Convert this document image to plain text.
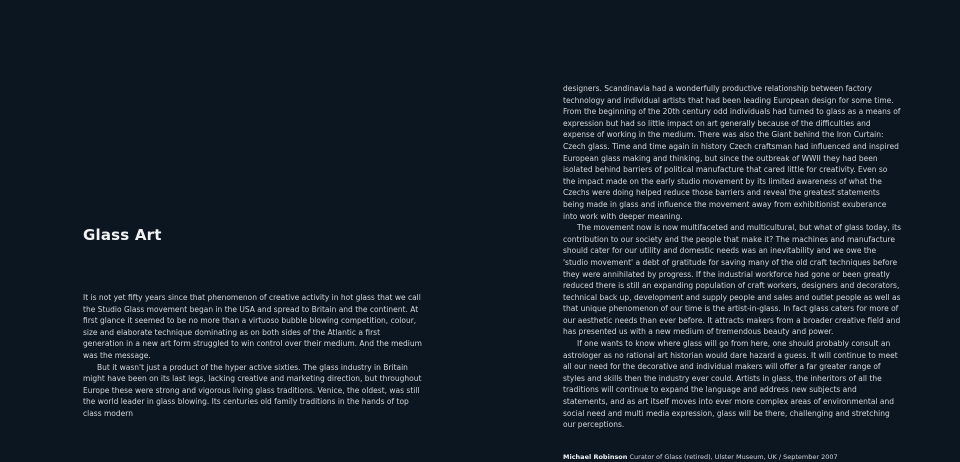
Glass Art

It is not yet fifty years since that phenomenon of creative activity in hot glass that we call the Studio Glass movement began in the USA and spread to Britain and the continent. At first glance it seemed to be no more than a virtuoso bubble blowing competition, colour, size and elaborate technique dominating as on both sides of the Atlantic a first generation in a new art form struggled to win control over their medium. And the medium was the message.

But it wasn't just a product of the hyper active sixties. The glass industry in Britain might have been on its last legs, lacking creative and marketing direction, but throughout Europe these were strong and vigorous living glass traditions. Venice, the oldest, was still the world leader in glass blowing. Its centuries old family traditions in the hands of top class modern

designers. Scandinavia had a wonderfully productive relationship between factory technology and individual artists that had been leading European design for some time. From the beginning of the 20th century odd individuals had turned to glass as a means of expression but had so little impact on art generally because of the difficulties and expense of working in the medium. There was also the Giant behind the Iron Curtain: Czech glass. Time and time again in history Czech craftsman had influenced and inspired European glass making and thinking, but since the outbreak of WWII they had been isolated behind barriers of political manufacture that cared little for creativity. Even so the impact made on the early studio movement by its limited awareness of what the Czechs were doing helped reduce those barriers and reveal the greatest statements being made in glass and influence the movement away from exhibitionist exuberance into work with deeper meaning.

The movement now is now multifaceted and multicultural, but what of glass today, its contribution to our society and the people that make it? The machines and manufacture should cater for our utility and domestic needs was an inevitability and we owe the 'studio movement' a debt of gratitude for saving many of the old craft techniques before they were annihilated by progress. If the industrial workforce had gone or been greatly reduced there is still an expanding population of craft workers, designers and decorators, technical back up, development and supply people and sales and outlet people as well as that unique phenomenon of our time is the artist-in-glass. In fact glass caters for more of our aesthetic needs than ever before. It attracts makers from a broader creative field and has presented us with a new medium of tremendous beauty and power.

If one wants to know where glass will go from here, one should probably consult an astrologer as no rational art historian would dare hazard a guess. It will continue to meet all our need for the decorative and individual makers will offer a far greater range of styles and skills then the industry ever could. Artists in glass, the inheritors of all the traditions will continue to expand the language and address new subjects and statements, and as art itself moves into ever more complex areas of environmental and social need and multi media expression, glass will be there, challenging and stretching our perceptions.

Michael Robinson Curator of Glass (retired), Ulster Museum, UK / September 2007
